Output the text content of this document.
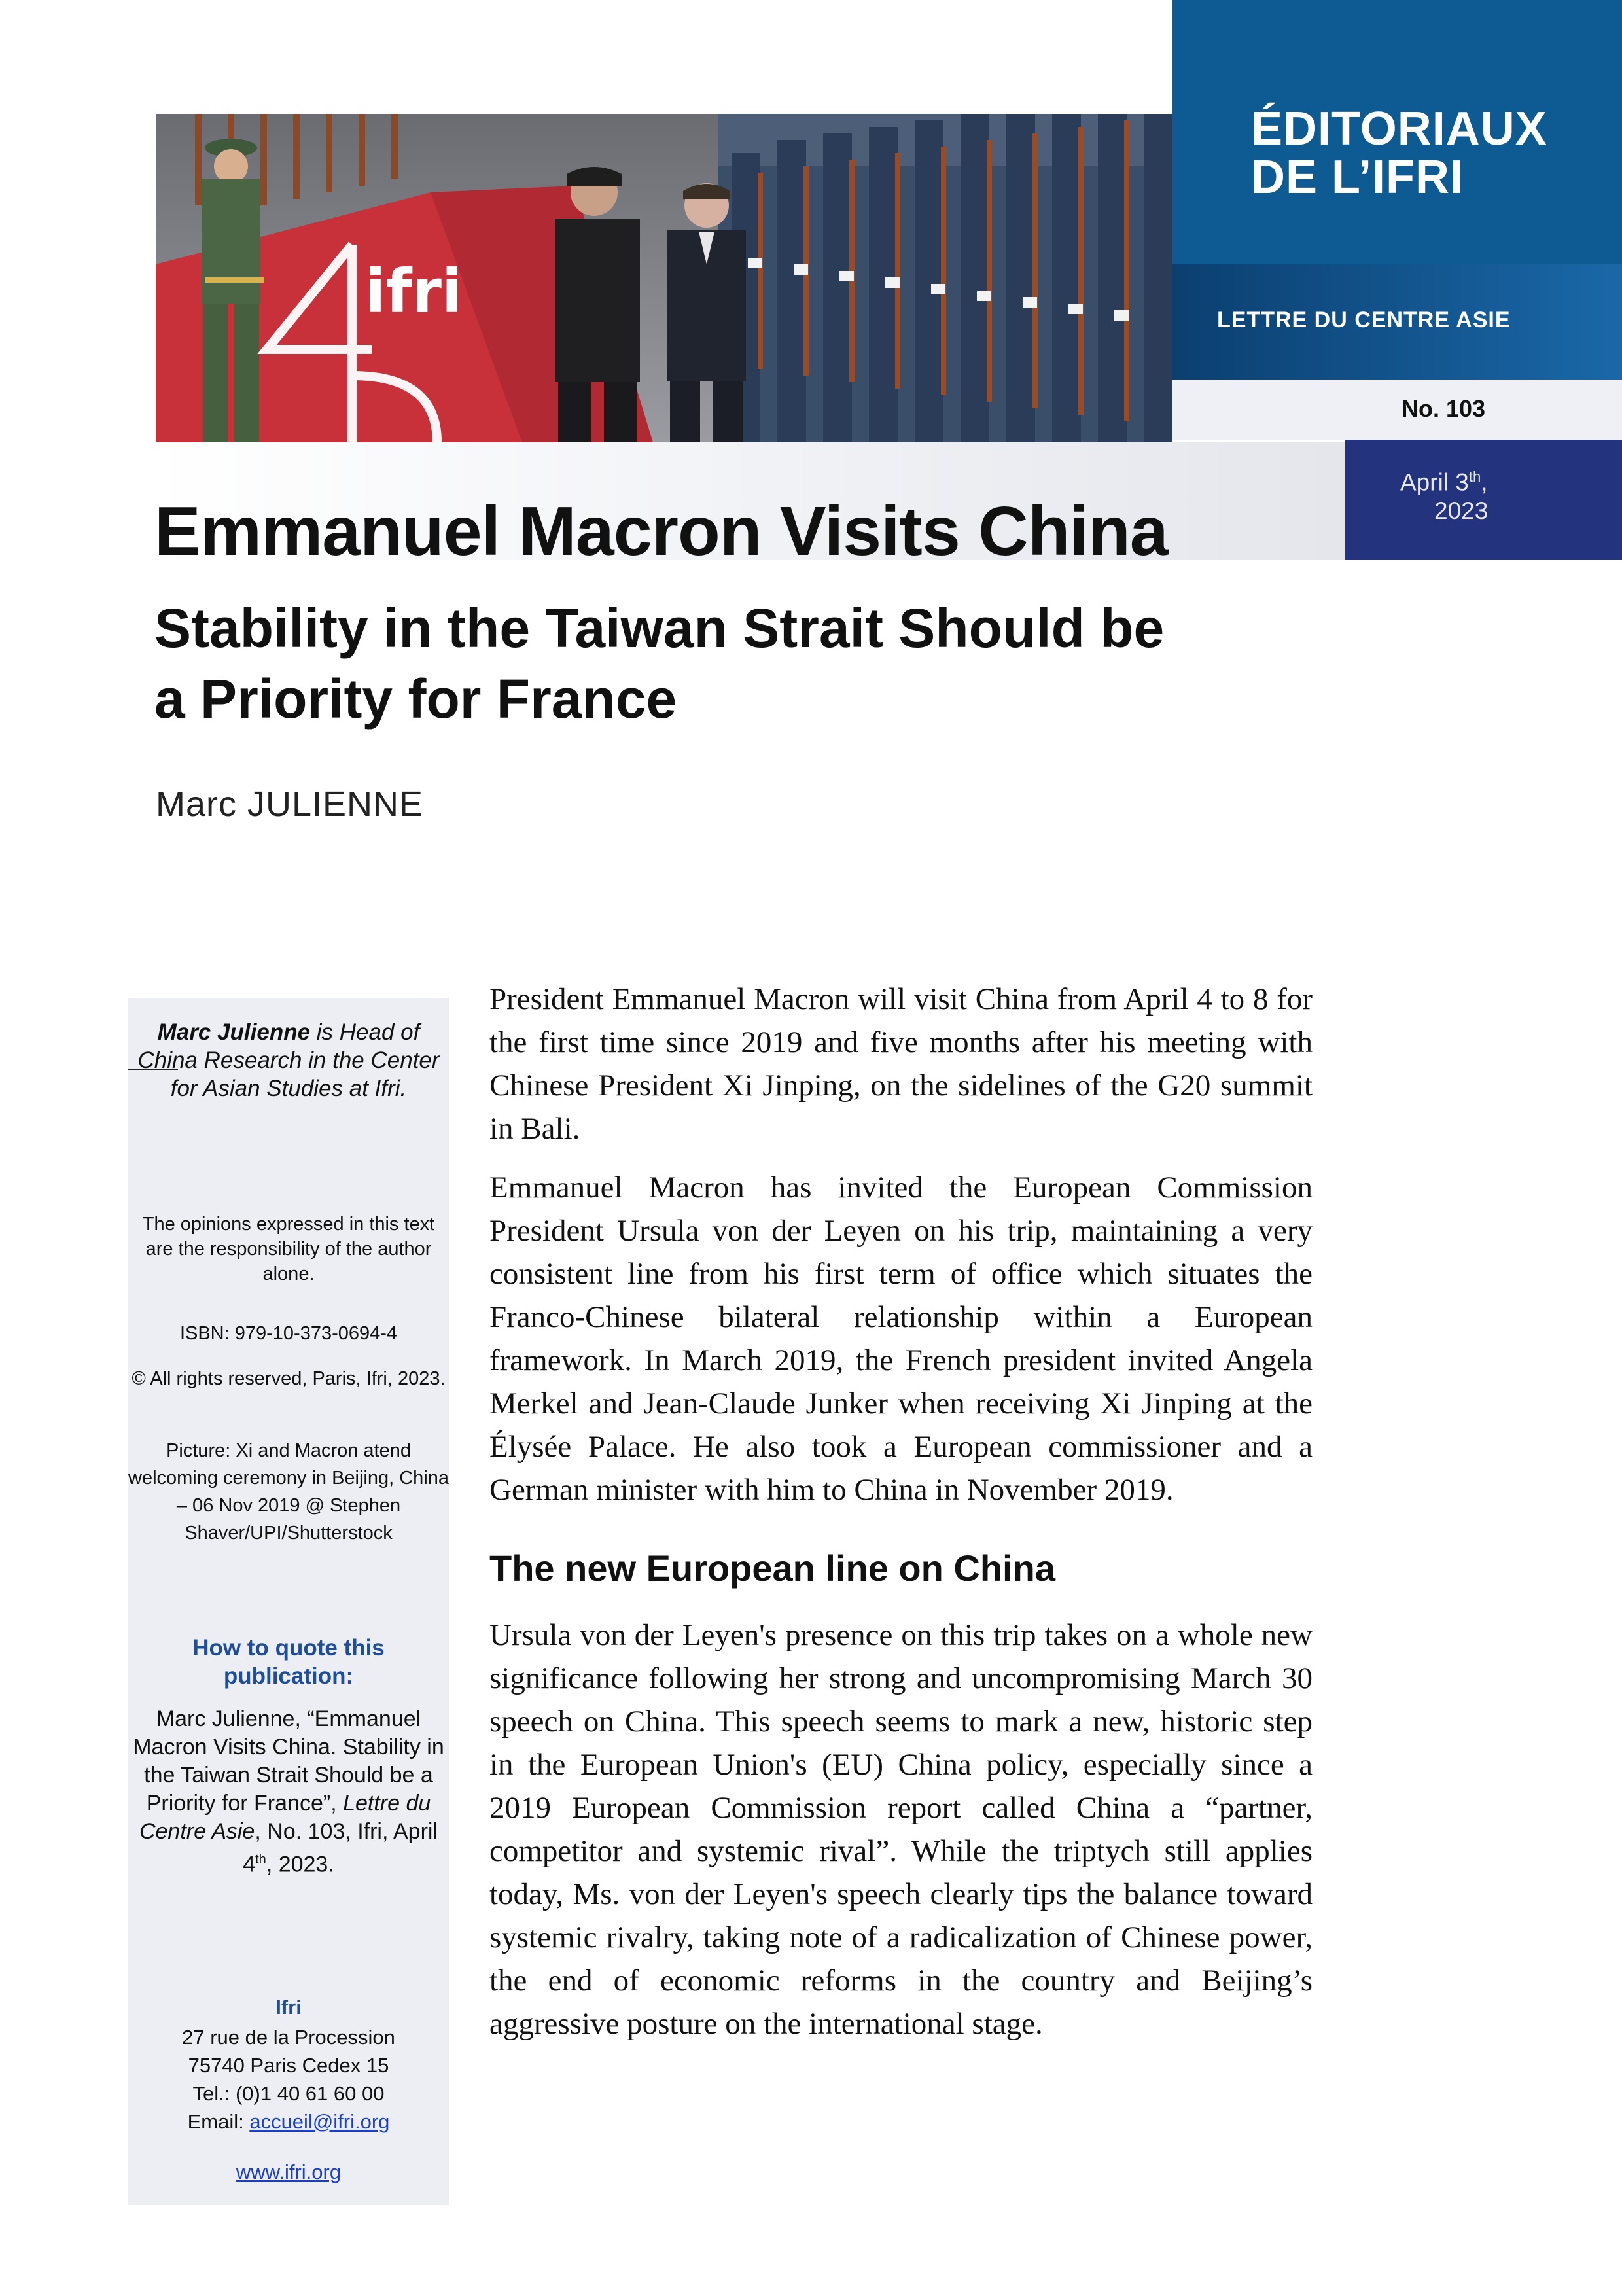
ifri
ÉDITORIAUX
DE L’IFRI
LETTRE DU CENTRE ASIE
No. 103
April 3th,
2023
Emmanuel Macron Visits China
Stability in the Taiwan Strait Should be
a Priority for France
Marc JULIENNE
Marc Julienne is Head of China Research in the Center for Asian Studies at Ifri.
The opinions expressed in this text are the responsibility of the author alone.
ISBN: 979-10-373-0694-4
© All rights reserved, Paris, Ifri, 2023.
Picture: Xi and Macron atend welcoming ceremony in Beijing, China – 06 Nov 2019 @ Stephen Shaver/UPI/Shutterstock
How to quote this publication:
Marc Julienne, “Emmanuel Macron Visits China. Stability in the Taiwan Strait Should be a Priority for France”, Lettre du Centre Asie, No. 103, Ifri, April 4th, 2023.
Ifri
27 rue de la Procession
75740 Paris Cedex 15
Tel.: (0)1 40 61 60 00
Email: accueil@ifri.org
www.ifri.org

President Emmanuel Macron will visit China from April 4 to 8 for the first time since 2019 and five months after his meeting with Chinese President Xi Jinping, on the sidelines of the G20 summit in Bali.

Emmanuel Macron has invited the European Commission President Ursula von der Leyen on his trip, maintaining a very consistent line from his first term of office which situates the Franco-Chinese bilateral relationship within a European framework. In March 2019, the French president invited Angela Merkel and Jean-Claude Junker when receiving Xi Jinping at the Élysée Palace. He also took a European commissioner and a German minister with him to China in November 2019.

The new European line on China

Ursula von der Leyen's presence on this trip takes on a whole new significance following her strong and uncompromising March 30 speech on China. This speech seems to mark a new, historic step in the European Union's (EU) China policy, especially since a 2019 European Commission report called China a “partner, competitor and systemic rival”. While the triptych still applies today, Ms. von der Leyen's speech clearly tips the balance toward systemic rivalry, taking note of a radicalization of Chinese power, the end of economic reforms in the country and Beijing’s aggressive posture on the international stage.
